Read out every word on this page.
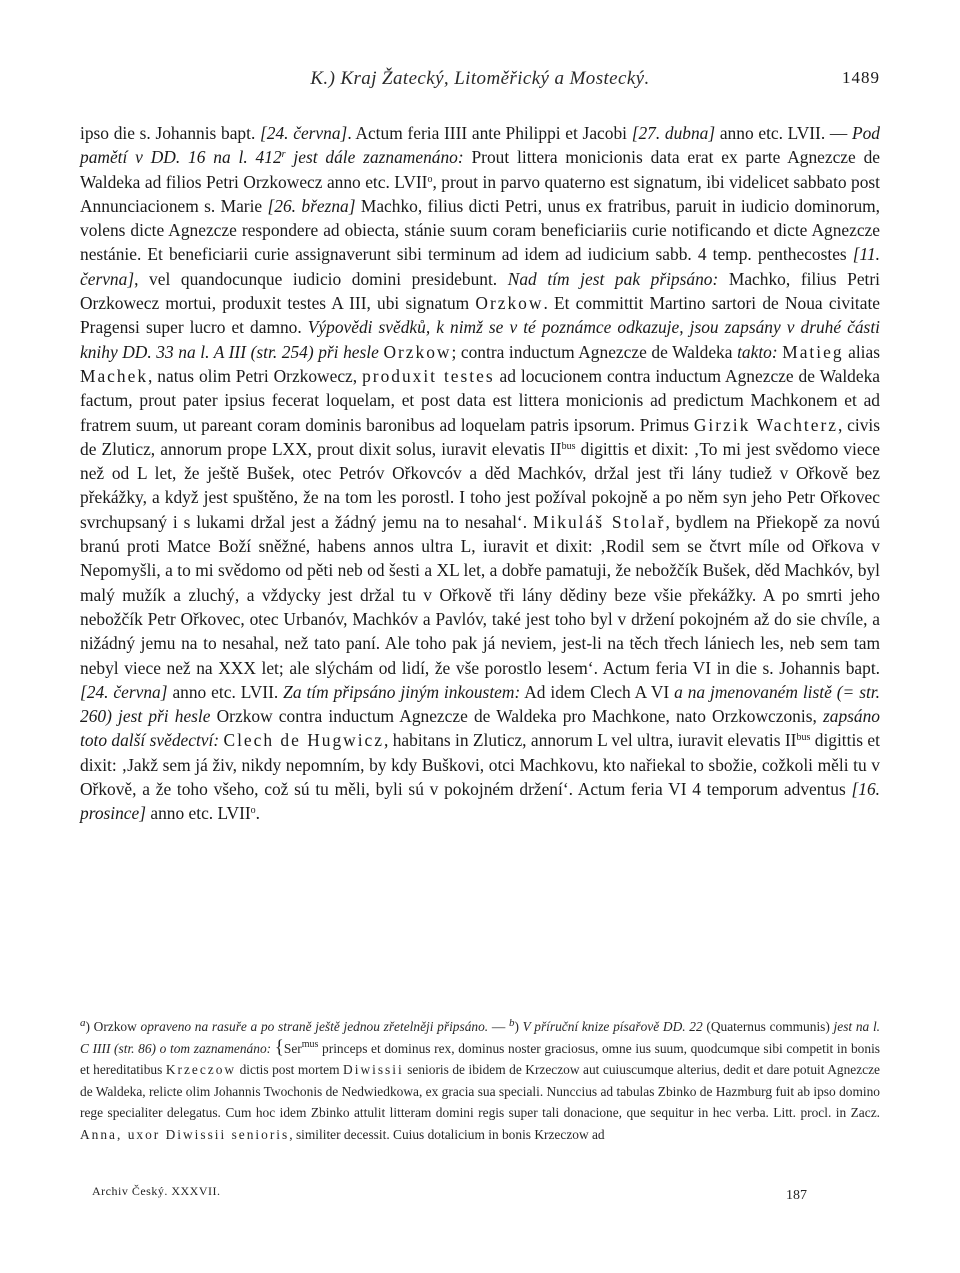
K.) Kraj Žatecký, Litoměřický a Mostecký.	1489

ipso die s. Johannis bapt. [24. června]. Actum feria IIII ante Philippi et Jacobi [27. dubna] anno etc. LVII. — Pod pamětí v DD. 16 na l. 412$^r$ jest dále zaznamenáno: Prout littera monicionis data erat ex parte Agnezcze de Waldeka ad filios Petri Orzkowecz anno etc. LVII$^o$, prout in parvo quaterno est signatum, ibi videlicet sabbato post Annunciacionem s. Marie [26. března] Machko, filius dicti Petri, unus ex fratribus, paruit in iudicio dominorum, volens dicte Agnezcze respondere ad obiecta, stánie suum coram beneficiariis curie notificando et dicte Agnezcze nestánie. Et beneficiarii curie assignaverunt sibi terminum ad idem ad iudicium sabb. 4 temp. penthecostes [11. června], vel quandocunque iudicio domini presidebunt. Nad tím jest pak připsáno: Machko, filius Petri Orzkowecz mortui, produxit testes A III, ubi signatum Orzkow. Et committit Martino sartori de Noua civitate Pragensi super lucro et damno. Výpovědi svědků, k nimž se v té poznámce odkazuje, jsou zapsány v druhé části knihy DD. 33 na l. A III (str. 254) při hesle Orzkow; contra inductum Agnezcze de Waldeka takto: Matieg alias Machek, natus olim Petri Orzkowecz, produxit testes ad locucionem contra inductum Agnezcze de Waldeka factum, prout pater ipsius fecerat loquelam, et post data est littera monicionis ad predictum Machkonem et ad fratrem suum, ut pareant coram dominis baronibus ad loquelam patris ipsorum. Primus Girzik Wachterz, civis de Zluticz, annorum prope LXX, prout dixit solus, iuravit elevatis $II^{bus}$ digittis et dixit: ‚To mi jest svědomo viece než od L let, že ještě Bušek, otec Petróv Ořkovcóv a děd Machkóv, držal jest tři lány tudiež v Ořkově bez překážky, a když jest spuštěno, že na tom les porostl. I toho jest požíval pokojně a po něm syn jeho Petr Ořkovec svrchupsaný i s lukami držal jest a žádný jemu na to nesahal‘. Mikuláš Stolař, bydlem na Přiekopě za novú branú proti Matce Boží sněžné, habens annos ultra L, iuravit et dixit: ‚Rodil sem se čtvrt míle od Ořkova v Nepomyšli, a to mi svědomo od pěti neb od šesti a XL let, a dobře pamatuji, že nebožčík Bušek, děd Machkóv, byl malý mužík a zluchý, a vždycky jest držal tu v Ořkově tři lány dědiny beze všie překážky. A po smrti jeho nebožčík Petr Ořkovec, otec Urbanóv, Machkóv a Pavlóv, také jest toho byl v držení pokojném až do sie chvíle, a nižádný jemu na to nesahal, než tato paní. Ale toho pak já neviem, jest-li na těch třech lániech les, neb sem tam nebyl viece než na XXX let; ale slýchám od lidí, že vše porostlo lesem‘. Actum feria VI in die s. Johannis bapt. [24. června] anno etc. LVII. Za tím připsáno jiným inkoustem: Ad idem Clech A VI a na jmenovaném listě (= str. 260) jest při hesle Orzkow contra inductum Agnezcze de Waldeka pro Machkone, nato Orzkowczonis, zapsáno toto další svědectví: Clech de Hugwicz, habitans in Zluticz, annorum L vel ultra, iuravit elevatis $II^{bus}$ digittis et dixit: ‚Jakž sem já živ, nikdy nepomním, by kdy Buškovi, otci Machkovu, kto nařiekal to sbožie, cožkoli měli tu v Ořkově, a že toho všeho, což sú tu měli, byli sú v pokojném držení‘. Actum feria VI 4 temporum adventus [16. prosince] anno etc. LVII$^o$.

$^a$) Orzkow opraveno na rasuře a po straně ještě jednou zřetelněji připsáno. — $^b$) V příruční knize písařově DD. 22 (Quaternus communis) jest na l. C IIII (str. 86) o tom zaznamenáno: {Ser$^{mus}$ princeps et dominus rex, dominus noster graciosus, omne ius suum, quodcumque sibi competit in bonis et hereditatibus Krzeczow dictis post mortem Diwissii senioris de ibidem de Krzeczow aut cuiuscumque alterius, dedit et dare potuit Agnezcze de Waldeka, relicte olim Johannis Twochonis de Nedwiedkowa, ex gracia sua speciali. Nunccius ad tabulas Zbinko de Hazmburg fuit ab ipso domino rege specialiter delegatus. Cum hoc idem Zbinko attulit litteram domini regis super tali donacione, que sequitur in hec verba. Litt. procl. in Zacz. Anna, uxor Diwissii senioris, similiter decessit. Cuius dotalicium in bonis Krzeczow ad

Archiv Český. XXXVII.	187
